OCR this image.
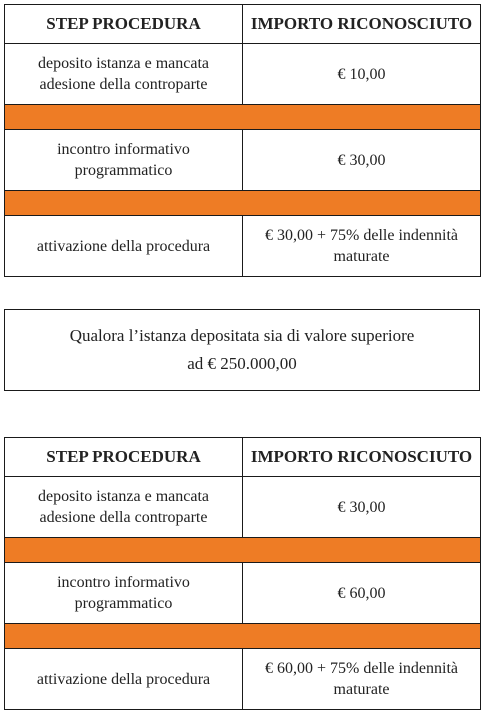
STEP PROCEDURA	IMPORTO RICONOSCIUTO
deposito istanza e mancata adesione della controparte	€ 10,00

incontro informativo programmatico	€ 30,00

attivazione della procedura	€ 30,00 + 75% delle indennità maturate
Qualora l’istanza depositata sia di valore superiore
ad € 250.000,00
STEP PROCEDURA	IMPORTO RICONOSCIUTO
deposito istanza e mancata adesione della controparte	€ 30,00

incontro informativo programmatico	€ 60,00

attivazione della procedura	€ 60,00 + 75% delle indennità maturate
